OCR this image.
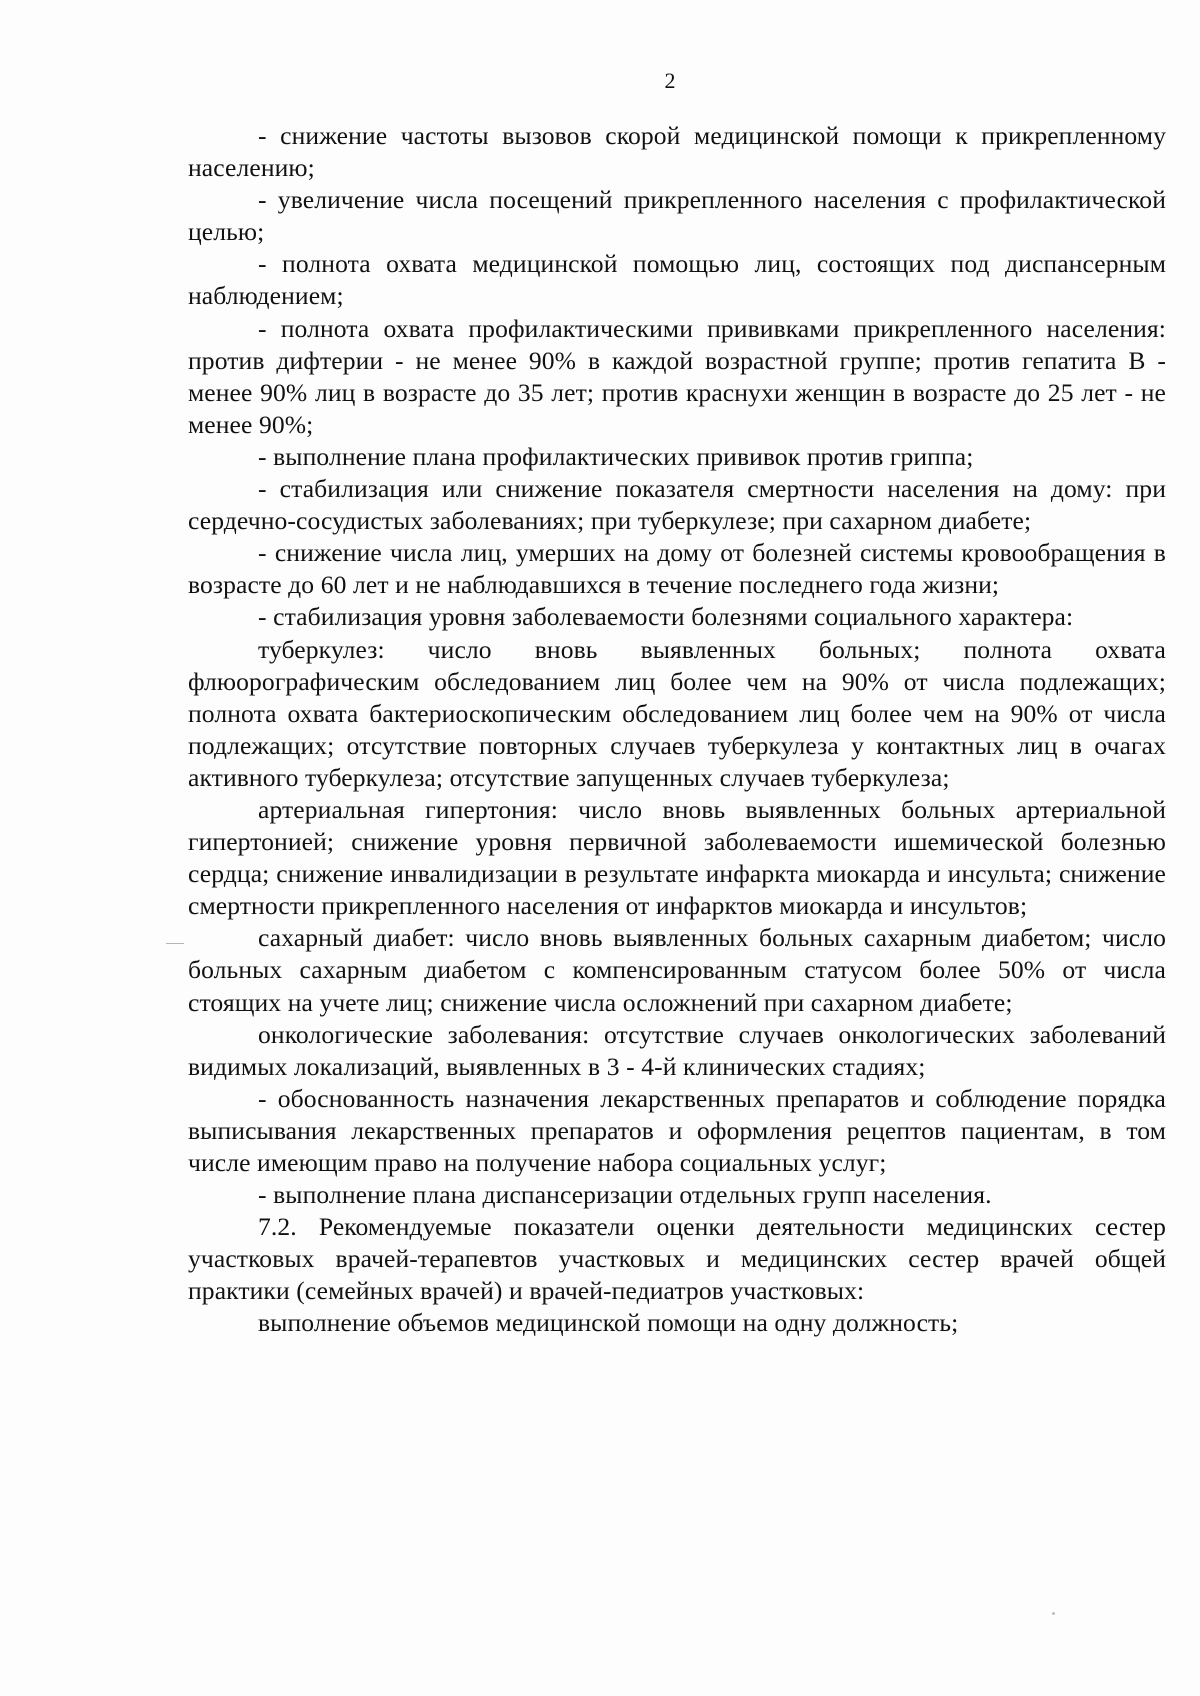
2

- снижение частоты вызовов скорой медицинской помощи к прикрепленному населению;

- увеличение числа посещений прикрепленного населения с профилактической целью;

- полнота охвата медицинской помощью лиц, состоящих под диспансерным наблюдением;

- полнота охвата профилактическими прививками прикрепленного населения: против дифтерии - не менее 90% в каждой возрастной группе; против гепатита В - менее 90% лиц в возрасте до 35 лет; против краснухи женщин в возрасте до 25 лет - не менее 90%;

- выполнение плана профилактических прививок против гриппа;

- стабилизация или снижение показателя смертности населения на дому: при сердечно-сосудистых заболеваниях; при туберкулезе; при сахарном диабете;

- снижение числа лиц, умерших на дому от болезней системы кровообращения в возрасте до 60 лет и не наблюдавшихся в течение последнего года жизни;

- стабилизация уровня заболеваемости болезнями социального характера:

туберкулез: число вновь выявленных больных; полнота охвата флюорографическим обследованием лиц более чем на 90% от числа подлежащих; полнота охвата бактериоскопическим обследованием лиц более чем на 90% от числа подлежащих; отсутствие повторных случаев туберкулеза у контактных лиц в очагах активного туберкулеза; отсутствие запущенных случаев туберкулеза;

артериальная гипертония: число вновь выявленных больных артериальной гипертонией; снижение уровня первичной заболеваемости ишемической болезнью сердца; снижение инвалидизации в результате инфаркта миокарда и инсульта; снижение смертности прикрепленного населения от инфарктов миокарда и инсультов;

сахарный диабет: число вновь выявленных больных сахарным диабетом; число больных сахарным диабетом с компенсированным статусом более 50% от числа стоящих на учете лиц; снижение числа осложнений при сахарном диабете;

онкологические заболевания: отсутствие случаев онкологических заболеваний видимых локализаций, выявленных в 3 - 4-й клинических стадиях;

- обоснованность назначения лекарственных препаратов и соблюдение порядка выписывания лекарственных препаратов и оформления рецептов пациентам, в том числе имеющим право на получение набора социальных услуг;

- выполнение плана диспансеризации отдельных групп населения.

7.2. Рекомендуемые показатели оценки деятельности медицинских сестер участковых врачей-терапевтов участковых и медицинских сестер врачей общей практики (семейных врачей) и врачей-педиатров участковых:

выполнение объемов медицинской помощи на одну должность;
